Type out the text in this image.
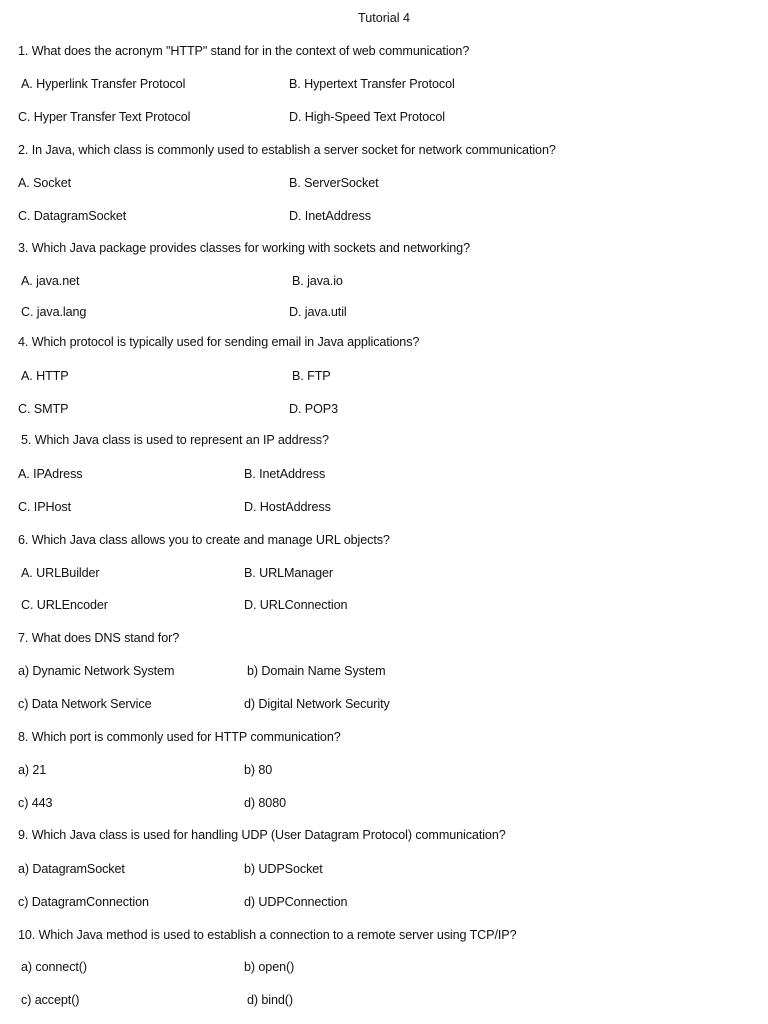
Tutorial 4
1. What does the acronym "HTTP" stand for in the context of web communication?
A. Hyperlink Transfer Protocol	B. Hypertext Transfer Protocol
C. Hyper Transfer Text Protocol	D. High-Speed Text Protocol
2. In Java, which class is commonly used to establish a server socket for network communication?
A. Socket	B. ServerSocket
C. DatagramSocket	D. InetAddress
3. Which Java package provides classes for working with sockets and networking?
A. java.net	B. java.io
C. java.lang	D. java.util
4. Which protocol is typically used for sending email in Java applications?
A. HTTP	B. FTP
C. SMTP	D. POP3
5. Which Java class is used to represent an IP address?
A. IPAdress	B. InetAddress
C. IPHost	D. HostAddress
6. Which Java class allows you to create and manage URL objects?
A. URLBuilder	B. URLManager
C. URLEncoder	D. URLConnection
7. What does DNS stand for?
a) Dynamic Network System	b) Domain Name System
c) Data Network Service	d) Digital Network Security
8. Which port is commonly used for HTTP communication?
a) 21	b) 80
c) 443	d) 8080
9. Which Java class is used for handling UDP (User Datagram Protocol) communication?
a) DatagramSocket	b) UDPSocket
c) DatagramConnection	d) UDPConnection
10. Which Java method is used to establish a connection to a remote server using TCP/IP?
a) connect()	b) open()
c) accept()	d) bind()
